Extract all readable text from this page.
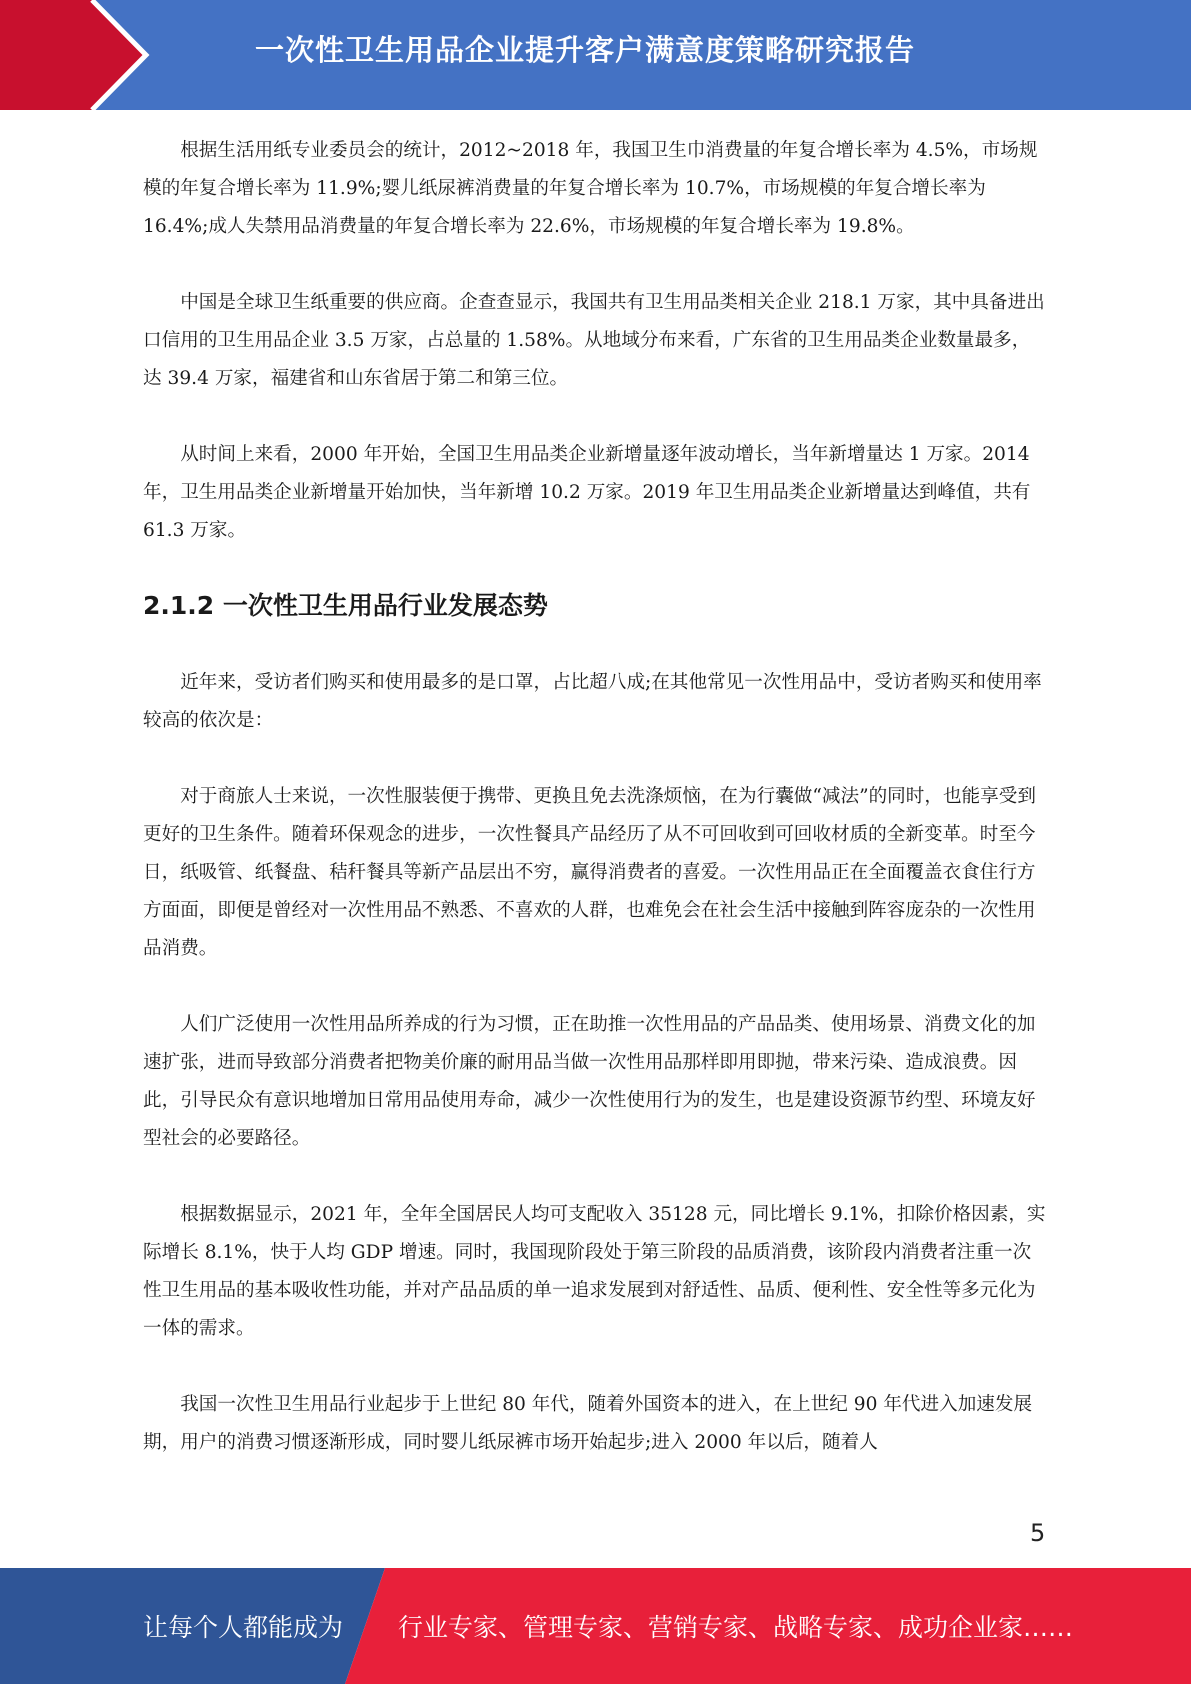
一次性卫生用品企业提升客户满意度策略研究报告

根据生活用纸专业委员会的统计，2012~2018 年，我国卫生巾消费量的年复合增长率为 4.5%，市场规模的年复合增长率为 11.9%;婴儿纸尿裤消费量的年复合增长率为 10.7%，市场规模的年复合增长率为 16.4%;成人失禁用品消费量的年复合增长率为 22.6%，市场规模的年复合增长率为 19.8%。

中国是全球卫生纸重要的供应商。企查查显示，我国共有卫生用品类相关企业 218.1 万家，其中具备进出口信用的卫生用品企业 3.5 万家，占总量的 1.58%。从地域分布来看，广东省的卫生用品类企业数量最多，达 39.4 万家，福建省和山东省居于第二和第三位。

从时间上来看，2000 年开始，全国卫生用品类企业新增量逐年波动增长，当年新增量达 1 万家。2014 年，卫生用品类企业新增量开始加快，当年新增 10.2 万家。2019 年卫生用品类企业新增量达到峰值，共有 61.3 万家。

2.1.2 一次性卫生用品行业发展态势

近年来，受访者们购买和使用最多的是口罩，占比超八成;在其他常见一次性用品中，受访者购买和使用率较高的依次是：

对于商旅人士来说，一次性服装便于携带、更换且免去洗涤烦恼，在为行囊做“减法”的同时，也能享受到更好的卫生条件。随着环保观念的进步，一次性餐具产品经历了从不可回收到可回收材质的全新变革。时至今日，纸吸管、纸餐盘、秸秆餐具等新产品层出不穷，赢得消费者的喜爱。一次性用品正在全面覆盖衣食住行方方面面，即便是曾经对一次性用品不熟悉、不喜欢的人群，也难免会在社会生活中接触到阵容庞杂的一次性用品消费。

人们广泛使用一次性用品所养成的行为习惯，正在助推一次性用品的产品品类、使用场景、消费文化的加速扩张，进而导致部分消费者把物美价廉的耐用品当做一次性用品那样即用即抛，带来污染、造成浪费。因此，引导民众有意识地增加日常用品使用寿命，减少一次性使用行为的发生，也是建设资源节约型、环境友好型社会的必要路径。

根据数据显示，2021 年，全年全国居民人均可支配收入 35128 元，同比增长 9.1%，扣除价格因素，实际增长 8.1%，快于人均 GDP 增速。同时，我国现阶段处于第三阶段的品质消费，该阶段内消费者注重一次性卫生用品的基本吸收性功能，并对产品品质的单一追求发展到对舒适性、品质、便利性、安全性等多元化为一体的需求。

我国一次性卫生用品行业起步于上世纪 80 年代，随着外国资本的进入，在上世纪 90 年代进入加速发展期，用户的消费习惯逐渐形成，同时婴儿纸尿裤市场开始起步;进入 2000 年以后，随着人

5
让每个人都能成为 行业专家、管理专家、营销专家、战略专家、成功企业家……
